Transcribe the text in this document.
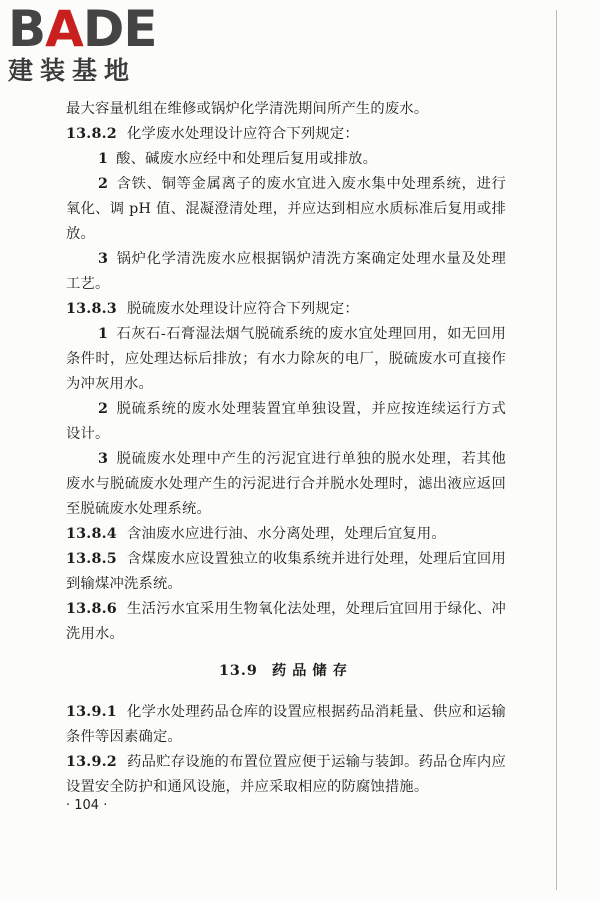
B A DE
建装基地

最大容量机组在维修或锅炉化学清洗期间所产生的废水。

13.8.2 化学废水处理设计应符合下列规定：

1 酸、碱废水应经中和处理后复用或排放。

2 含铁、铜等金属离子的废水宜进入废水集中处理系统，进行氧化、调 pH 值、混凝澄清处理，并应达到相应水质标准后复用或排放。

3 锅炉化学清洗废水应根据锅炉清洗方案确定处理水量及处理工艺。

13.8.3 脱硫废水处理设计应符合下列规定：

1 石灰石-石膏湿法烟气脱硫系统的废水宜处理回用，如无回用条件时，应处理达标后排放；有水力除灰的电厂，脱硫废水可直接作为冲灰用水。

2 脱硫系统的废水处理装置宜单独设置，并应按连续运行方式设计。

3 脱硫废水处理中产生的污泥宜进行单独的脱水处理，若其他废水与脱硫废水处理产生的污泥进行合并脱水处理时，滤出液应返回至脱硫废水处理系统。

13.8.4 含油废水应进行油、水分离处理，处理后宜复用。

13.8.5 含煤废水应设置独立的收集系统并进行处理，处理后宜回用到输煤冲洗系统。

13.8.6 生活污水宜采用生物氧化法处理，处理后宜回用于绿化、冲洗用水。

13.9 药品储存

13.9.1 化学水处理药品仓库的设置应根据药品消耗量、供应和运输条件等因素确定。

13.9.2 药品贮存设施的布置位置应便于运输与装卸。药品仓库内应设置安全防护和通风设施，并应采取相应的防腐蚀措施。

· 104 ·
